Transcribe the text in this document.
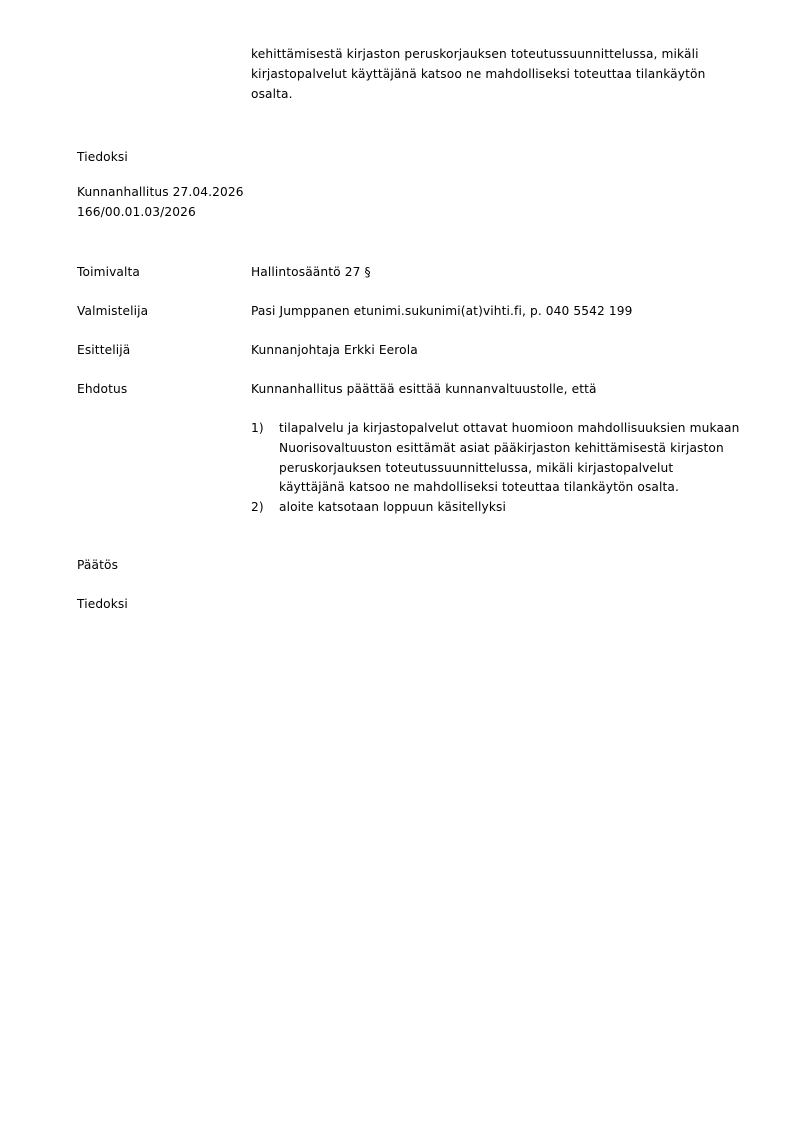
kehittämisestä kirjaston peruskorjauksen toteutussuunnittelussa, mikäli kirjastopalvelut käyttäjänä katsoo ne mahdolliseksi toteuttaa tilankäytön osalta.
Tiedoksi
Kunnanhallitus 27.04.2026
166/00.01.03/2026
Toimivalta	Hallintosääntö 27 §
Valmistelija	Pasi Jumppanen etunimi.sukunimi(at)vihti.fi, p. 040 5542 199
Esittelijä	Kunnanjohtaja Erkki Eerola
Ehdotus	Kunnanhallitus päättää esittää kunnanvaltuustolle, että
1)	tilapalvelu ja kirjastopalvelut ottavat huomioon mahdollisuuksien mukaan Nuorisovaltuuston esittämät asiat pääkirjaston kehittämisestä kirjaston peruskorjauksen toteutussuunnittelussa, mikäli kirjastopalvelut käyttäjänä katsoo ne mahdolliseksi toteuttaa tilankäytön osalta.
2)	aloite katsotaan loppuun käsitellyksi
Päätös
Tiedoksi
